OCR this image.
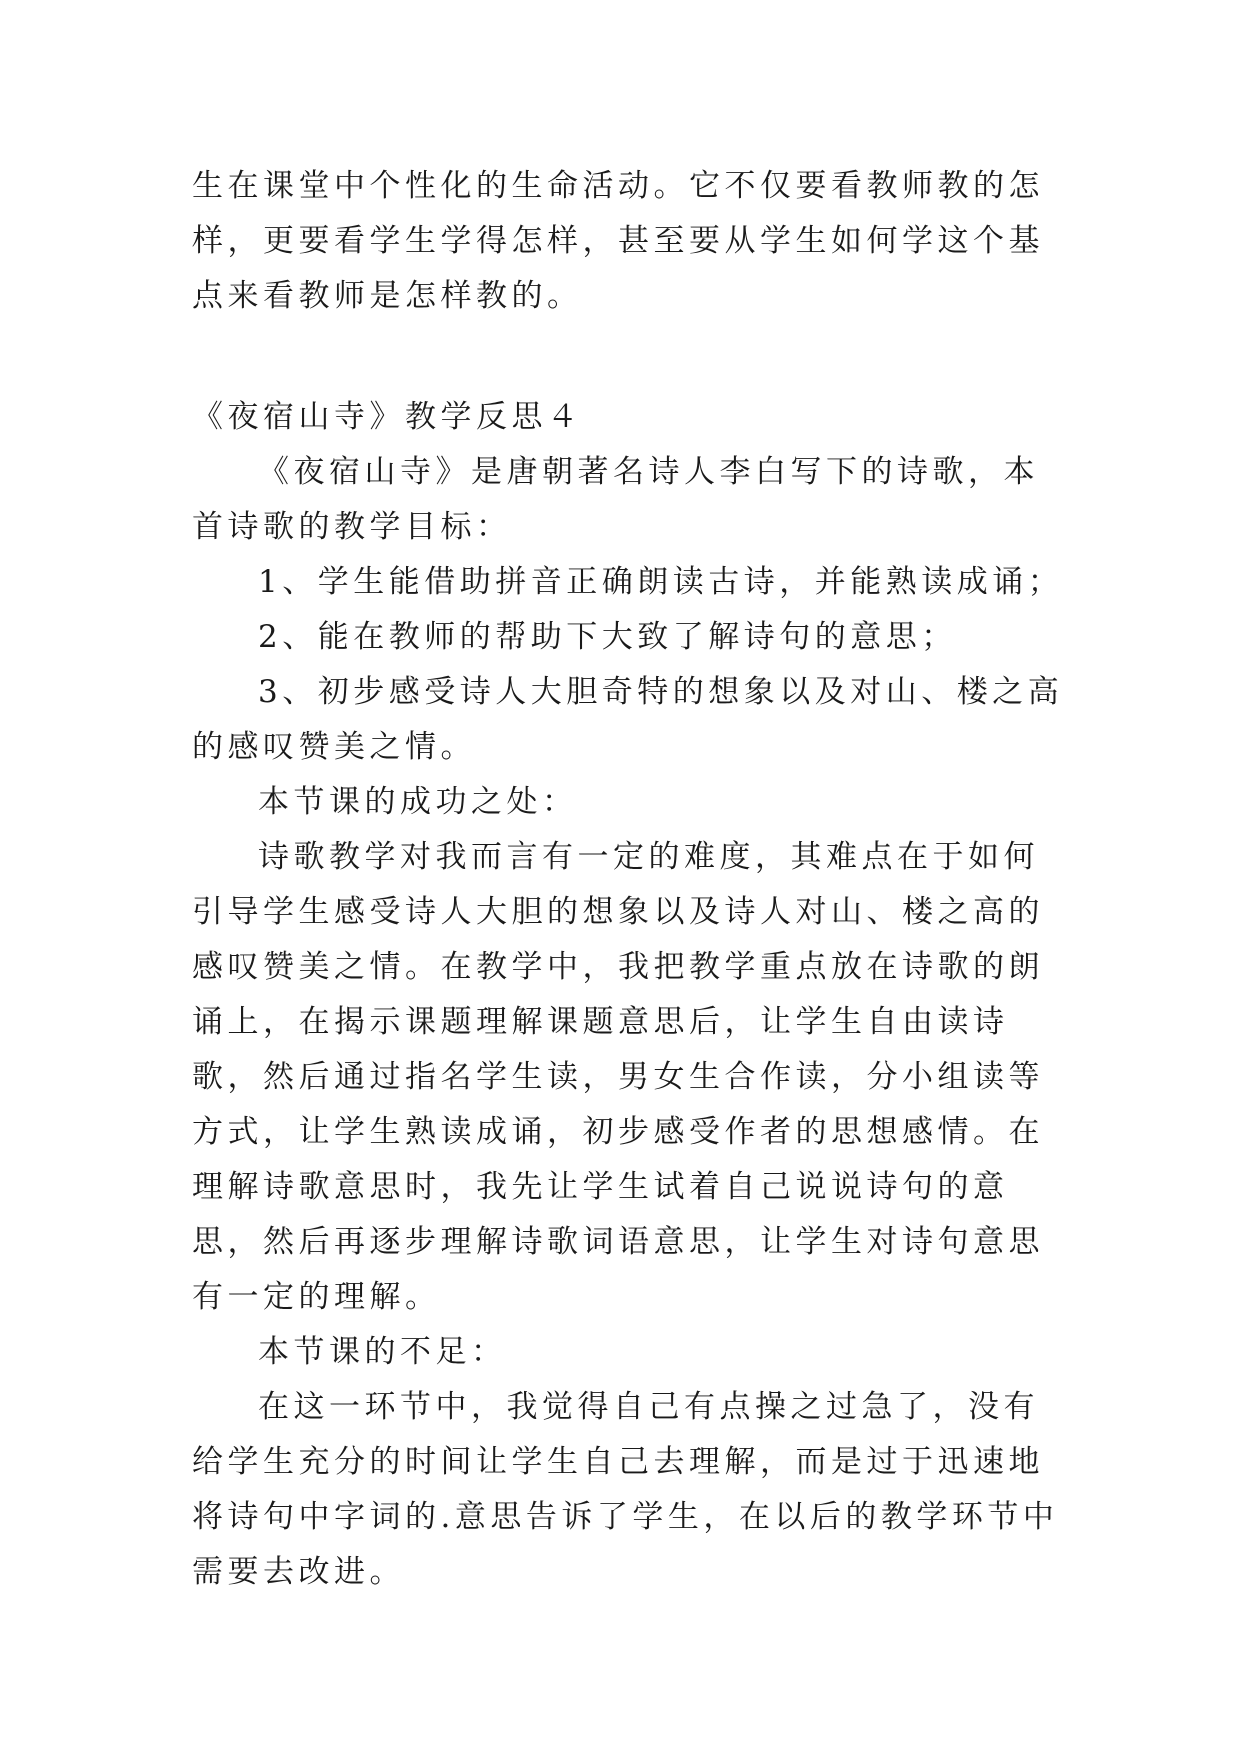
生在课堂中个性化的生命活动。它不仅要看教师教的怎样，更要看学生学得怎样，甚至要从学生如何学这个基点来看教师是怎样教的。

《夜宿山寺》教学反思４

《夜宿山寺》是唐朝著名诗人李白写下的诗歌，本首诗歌的教学目标：

1、学生能借助拼音正确朗读古诗，并能熟读成诵；

2、能在教师的帮助下大致了解诗句的意思；

3、初步感受诗人大胆奇特的想象以及对山、楼之高的感叹赞美之情。

本节课的成功之处：

诗歌教学对我而言有一定的难度，其难点在于如何引导学生感受诗人大胆的想象以及诗人对山、楼之高的感叹赞美之情。在教学中，我把教学重点放在诗歌的朗诵上，在揭示课题理解课题意思后，让学生自由读诗歌，然后通过指名学生读，男女生合作读，分小组读等方式，让学生熟读成诵，初步感受作者的思想感情。在理解诗歌意思时，我先让学生试着自己说说诗句的意思，然后再逐步理解诗歌词语意思，让学生对诗句意思有一定的理解。

本节课的不足：

在这一环节中，我觉得自己有点操之过急了，没有给学生充分的时间让学生自己去理解，而是过于迅速地将诗句中字词的.意思告诉了学生，在以后的教学环节中需要去改进。
